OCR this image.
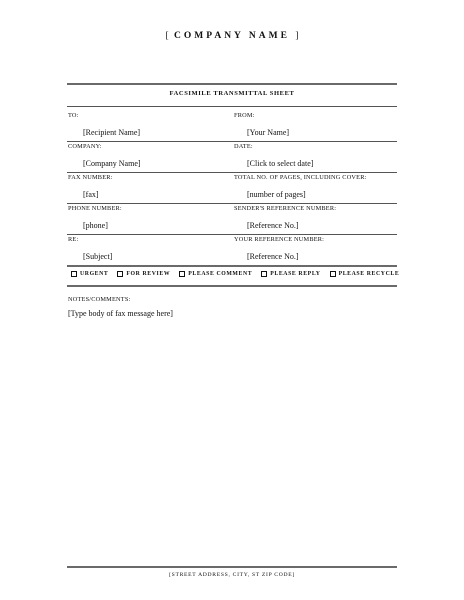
[ COMPANY NAME ]
FACSIMILE TRANSMITTAL SHEET
TO:
[Recipient Name]
FROM:
[Your Name]
COMPANY:
[Company Name]
DATE:
[Click to select date]
FAX NUMBER:
[fax]
TOTAL NO. OF PAGES, INCLUDING COVER:
[number of pages]
PHONE NUMBER:
[phone]
SENDER'S REFERENCE NUMBER:
[Reference No.]
RE:
[Subject]
YOUR REFERENCE NUMBER:
[Reference No.]
URGENT	FOR REVIEW	PLEASE COMMENT	PLEASE REPLY	PLEASE RECYCLE
NOTES/COMMENTS:
[Type body of fax message here]
[STREET ADDRESS, CITY, ST ZIP CODE]
